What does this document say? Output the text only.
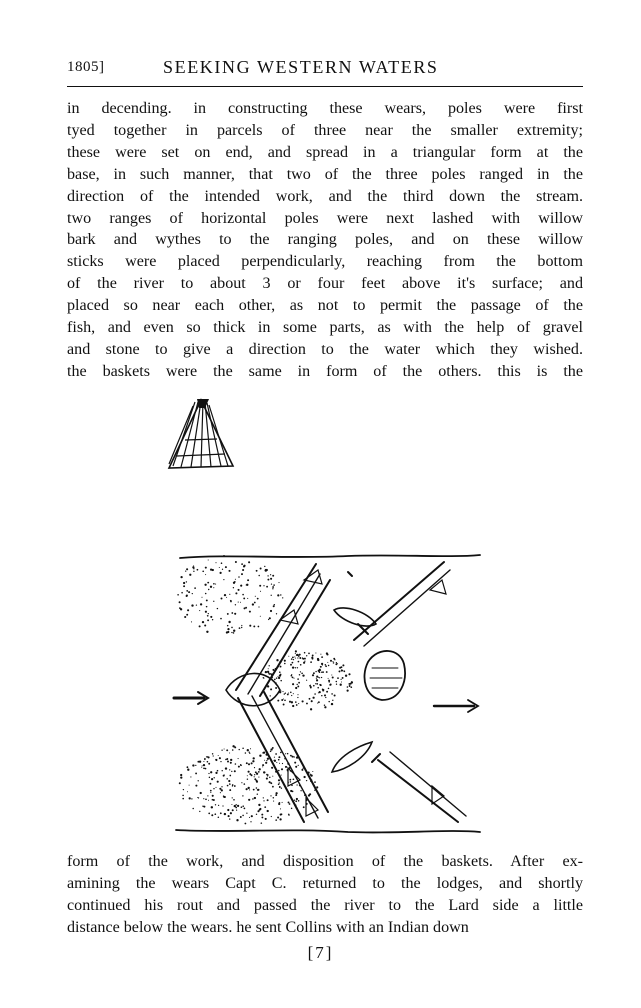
1805]	SEEKING WESTERN WATERS
in decending. in constructing these wears, poles were first
tyed together in parcels of three near the smaller extremity;
these were set on end, and spread in a triangular form at the
base, in such manner, that two of the three poles ranged in the
direction of the intended work, and the third down the stream.
two ranges of horizontal poles were next lashed with willow
bark and wythes to the ranging poles, and on these willow
sticks were placed perpendicularly, reaching from the bottom
of the river to about 3 or four feet above it's surface; and
placed so near each other, as not to permit the passage of the
fish, and even so thick in some parts, as with the help of gravel
and stone to give a direction to the water which they wished.
the baskets were the same in form of the others. this is the
form of the work, and disposition of the baskets. After ex-
amining the wears Capt C. returned to the lodges, and shortly
continued his rout and passed the river to the Lard side a little
distance below the wears. he sent Collins with an Indian down
[7]
